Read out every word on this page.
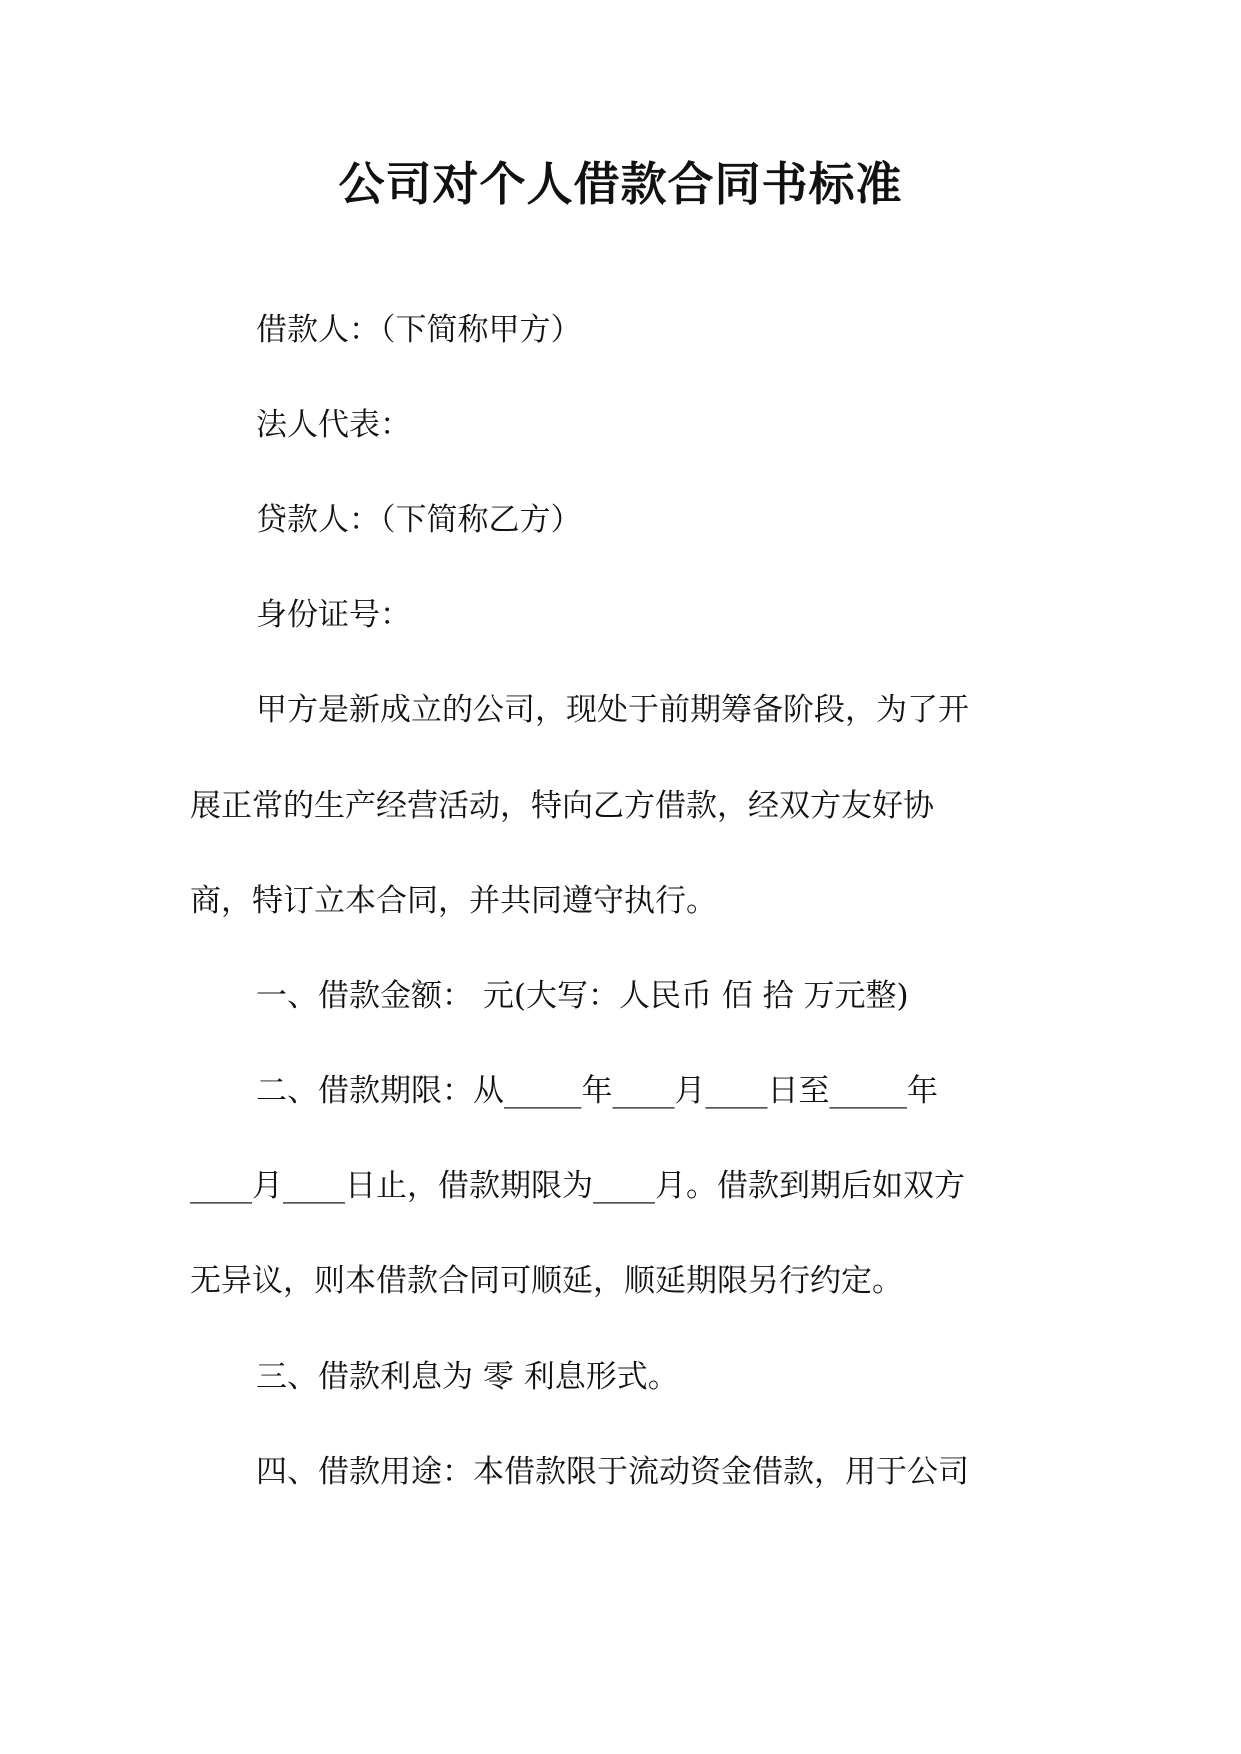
公司对个人借款合同书标准

借款人：（下简称甲方）

法人代表：

贷款人：（下简称乙方）

身份证号：

甲方是新成立的公司，现处于前期筹备阶段，为了开

展正常的生产经营活动，特向乙方借款，经双方友好协

商，特订立本合同，并共同遵守执行。

一、借款金额： 元(大写：人民币 佰 拾 万元整)

二、借款期限：从_____年____月____日至_____年

____月____日止，借款期限为____月。借款到期后如双方

无异议，则本借款合同可顺延，顺延期限另行约定。

三、借款利息为 零 利息形式。

四、借款用途：本借款限于流动资金借款，用于公司
